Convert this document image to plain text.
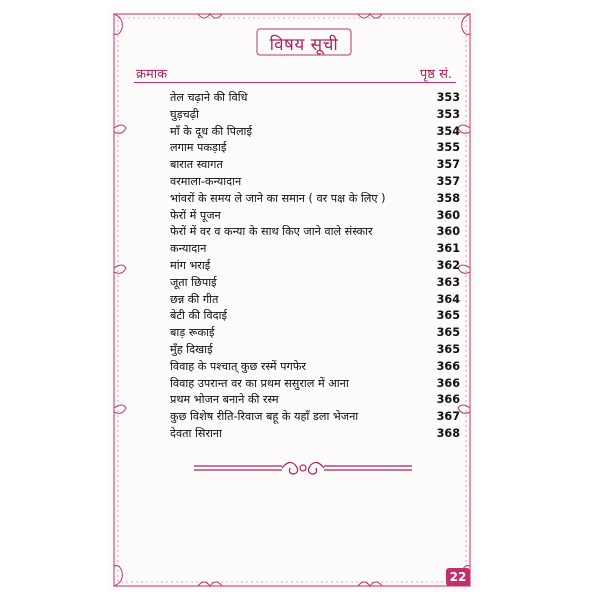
विषय सूची
क्रमाक	पृष्ठ सं.
तेल चढ़ाने की विधि	353
घुड़चढ़ी	353
माँ के दूध की पिलाई	354
लगाम पकड़ाई	355
बारात स्वागत	357
वरमाला-कन्यादान	357
भांवरों के समय ले जाने का समान ( वर पक्ष के लिए )	358
फेरों में पूजन	360
फेरों में वर व कन्या के साथ किए जाने वाले संस्कार	360
कन्यादान	361
मांग भराई	362
जूता छिपाई	363
छन्न की गीत	364
बेटी की विदाई	365
बाड़ रूकाई	365
मुँह दिखाई	365
विवाह के पश्चात् कुछ रस्में पगफेर	366
विवाह उपरान्त वर का प्रथम ससुराल में आना	366
प्रथम भोजन बनाने की रस्म	366
कुछ विशेष रीति-रिवाज बहू के यहाँ डला भेजना	367
देवता सिराना	368
22
